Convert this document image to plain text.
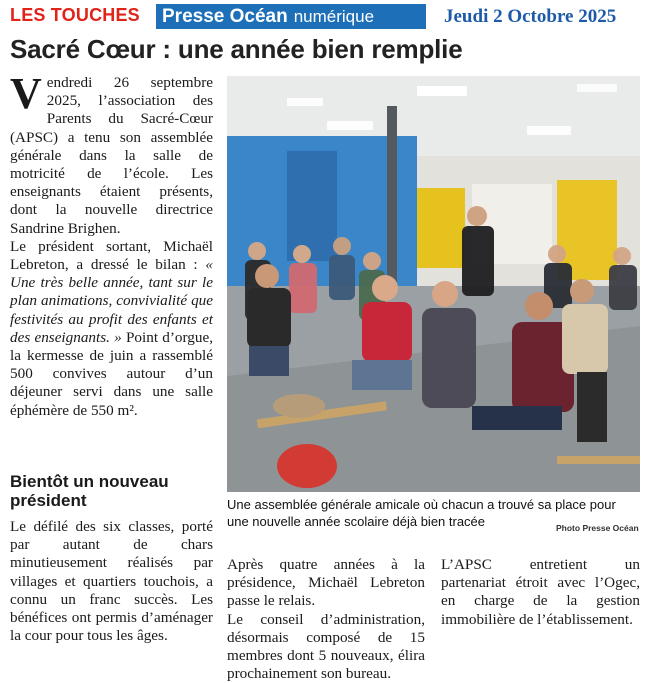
LES TOUCHES Presse Océan numérique	Jeudi 2 Octobre 2025
Sacré Cœur : une année bien remplie

Vendredi 26 septembre 2025, l’association des Parents du Sacré-Cœur (APSC) a tenu son assemblée générale dans la salle de motricité de l’école. Les enseignants étaient présents, dont la nouvelle directrice Sandrine Brighen.

Le président sortant, Michaël Lebreton, a dressé le bilan : « Une très belle année, tant sur le plan animations, convivialité que festivités au profit des enfants et des enseignants. » Point d’orgue, la kermesse de juin a rassemblé 500 convives autour d’un déjeuner servi dans une salle éphémère de 550 m².

Bientôt un nouveau président

Le défilé des six classes, porté par autant de chars minutieusement réalisés par villages et quartiers touchois, a connu un franc succès. Les bénéfices ont permis d’aménager la cour pour tous les âges.

Une assemblée générale amicale où chacun a trouvé sa place pour une nouvelle année scolaire déjà bien tracée	Photo Presse Océan

Après quatre années à la présidence, Michaël Lebreton passe le relais.

Le conseil d’administration, désormais composé de 15 membres dont 5 nouveaux, élira prochainement son bureau.

L’APSC entretient un partenariat étroit avec l’Ogec, en charge de la gestion immobilière de l’établissement.
